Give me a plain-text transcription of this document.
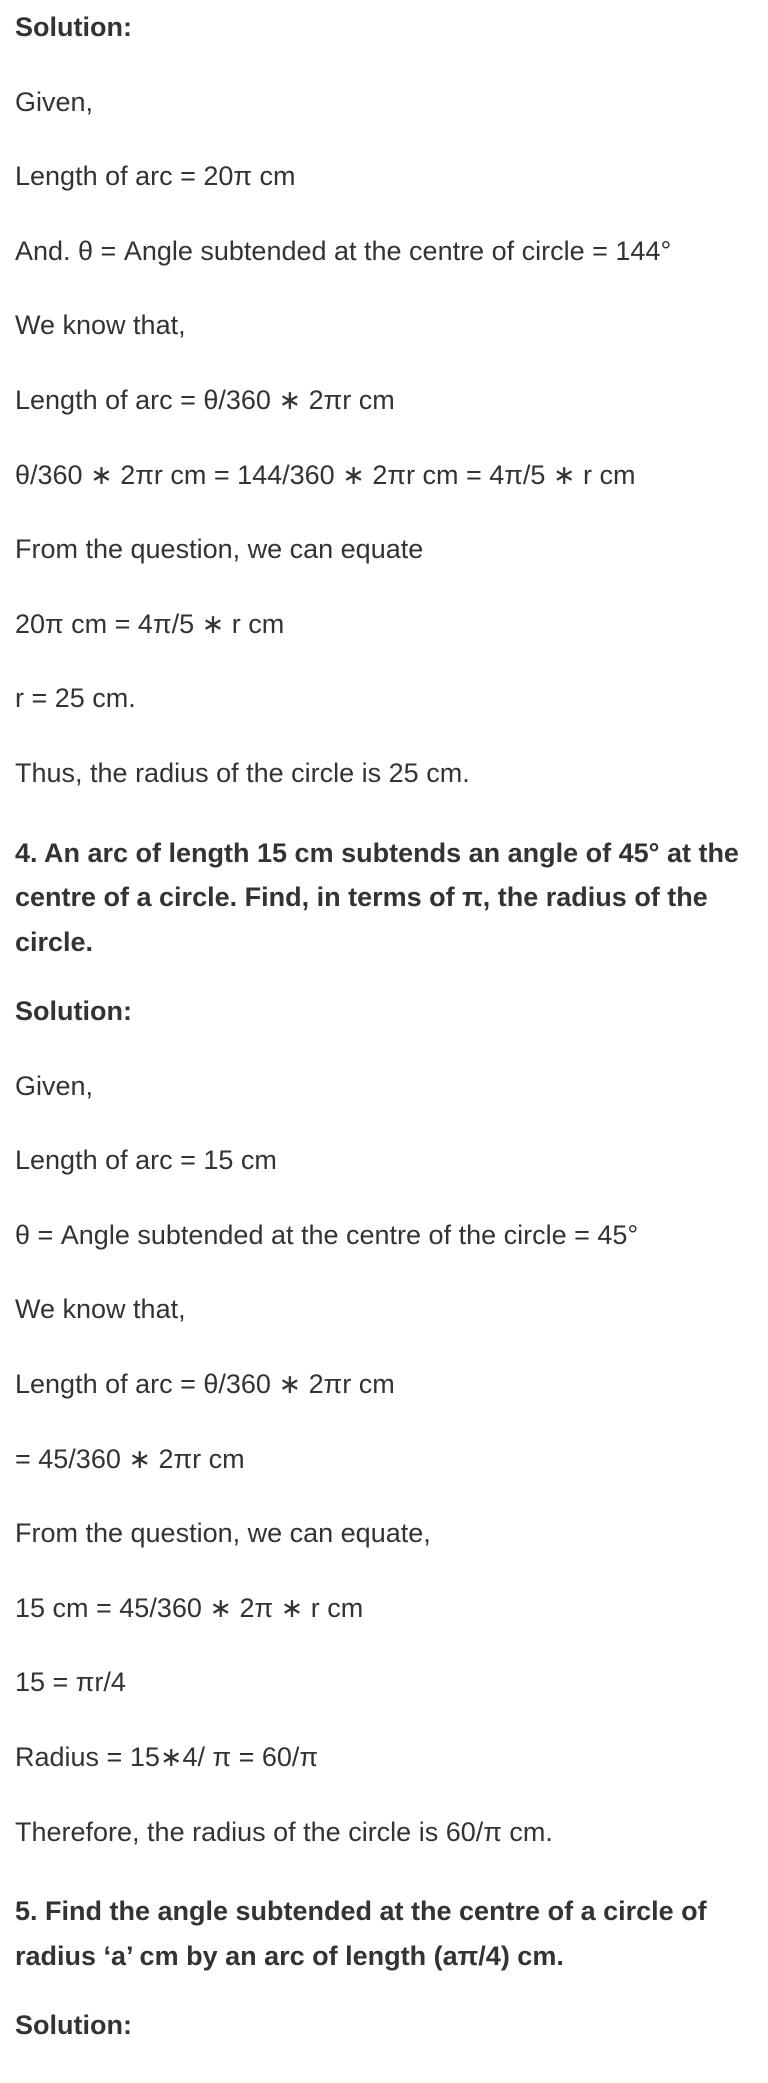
Solution:

Given,

Length of arc = 20π cm

And. θ = Angle subtended at the centre of circle = 144°

We know that,

Length of arc = θ/360 ∗ 2πr cm

θ/360 ∗ 2πr cm = 144/360 ∗ 2πr cm = 4π/5 ∗ r cm

From the question, we can equate

20π cm = 4π/5 ∗ r cm

r = 25 cm.

Thus, the radius of the circle is 25 cm.

4. An arc of length 15 cm subtends an angle of 45° at the centre of a circle. Find, in terms of π, the radius of the circle.

Solution:

Given,

Length of arc = 15 cm

θ = Angle subtended at the centre of the circle = 45°

We know that,

Length of arc = θ/360 ∗ 2πr cm

= 45/360 ∗ 2πr cm

From the question, we can equate,

15 cm = 45/360 ∗ 2π ∗ r cm

15 = πr/4

Radius = 15∗4/ π = 60/π

Therefore, the radius of the circle is 60/π cm.

5. Find the angle subtended at the centre of a circle of radius ‘a’ cm by an arc of length (aπ/4) cm.

Solution:
